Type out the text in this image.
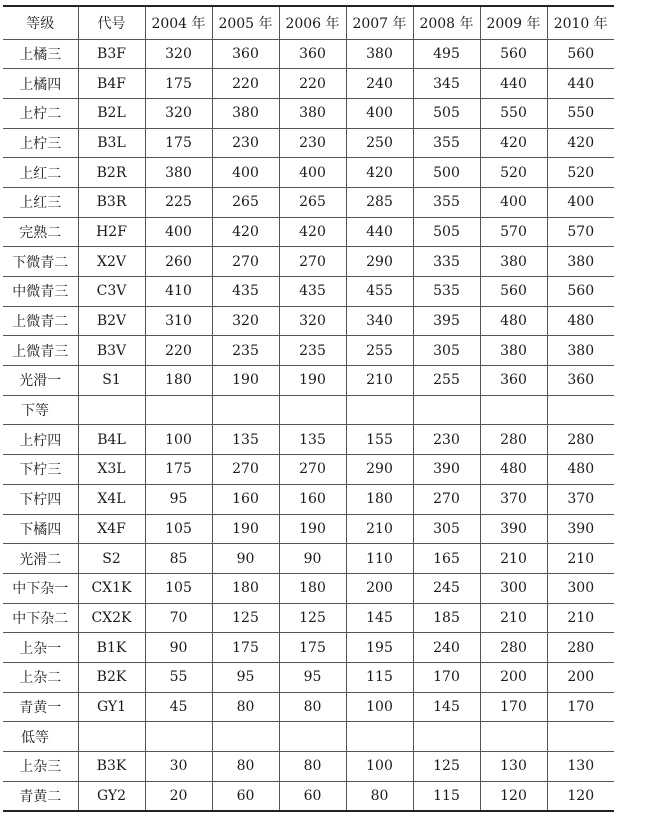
等级	代号	2004 年	2005 年	2006 年	2007 年	2008 年	2009 年	2010 年
上橘三	B3F	320	360	360	380	495	560	560
上橘四	B4F	175	220	220	240	345	440	440
上柠二	B2L	320	380	380	400	505	550	550
上柠三	B3L	175	230	230	250	355	420	420
上红二	B2R	380	400	400	420	500	520	520
上红三	B3R	225	265	265	285	355	400	400
完熟二	H2F	400	420	420	440	505	570	570
下微青二	X2V	260	270	270	290	335	380	380
中微青三	C3V	410	435	435	455	535	560	560
上微青二	B2V	310	320	320	340	395	480	480
上微青三	B3V	220	235	235	255	305	380	380
光滑一	S1	180	190	190	210	255	360	360
下等								
上柠四	B4L	100	135	135	155	230	280	280
下柠三	X3L	175	270	270	290	390	480	480
下柠四	X4L	95	160	160	180	270	370	370
下橘四	X4F	105	190	190	210	305	390	390
光滑二	S2	85	90	90	110	165	210	210
中下杂一	CX1K	105	180	180	200	245	300	300
中下杂二	CX2K	70	125	125	145	185	210	210
上杂一	B1K	90	175	175	195	240	280	280
上杂二	B2K	55	95	95	115	170	200	200
青黄一	GY1	45	80	80	100	145	170	170
低等								
上杂三	B3K	30	80	80	100	125	130	130
青黄二	GY2	20	60	60	80	115	120	120
